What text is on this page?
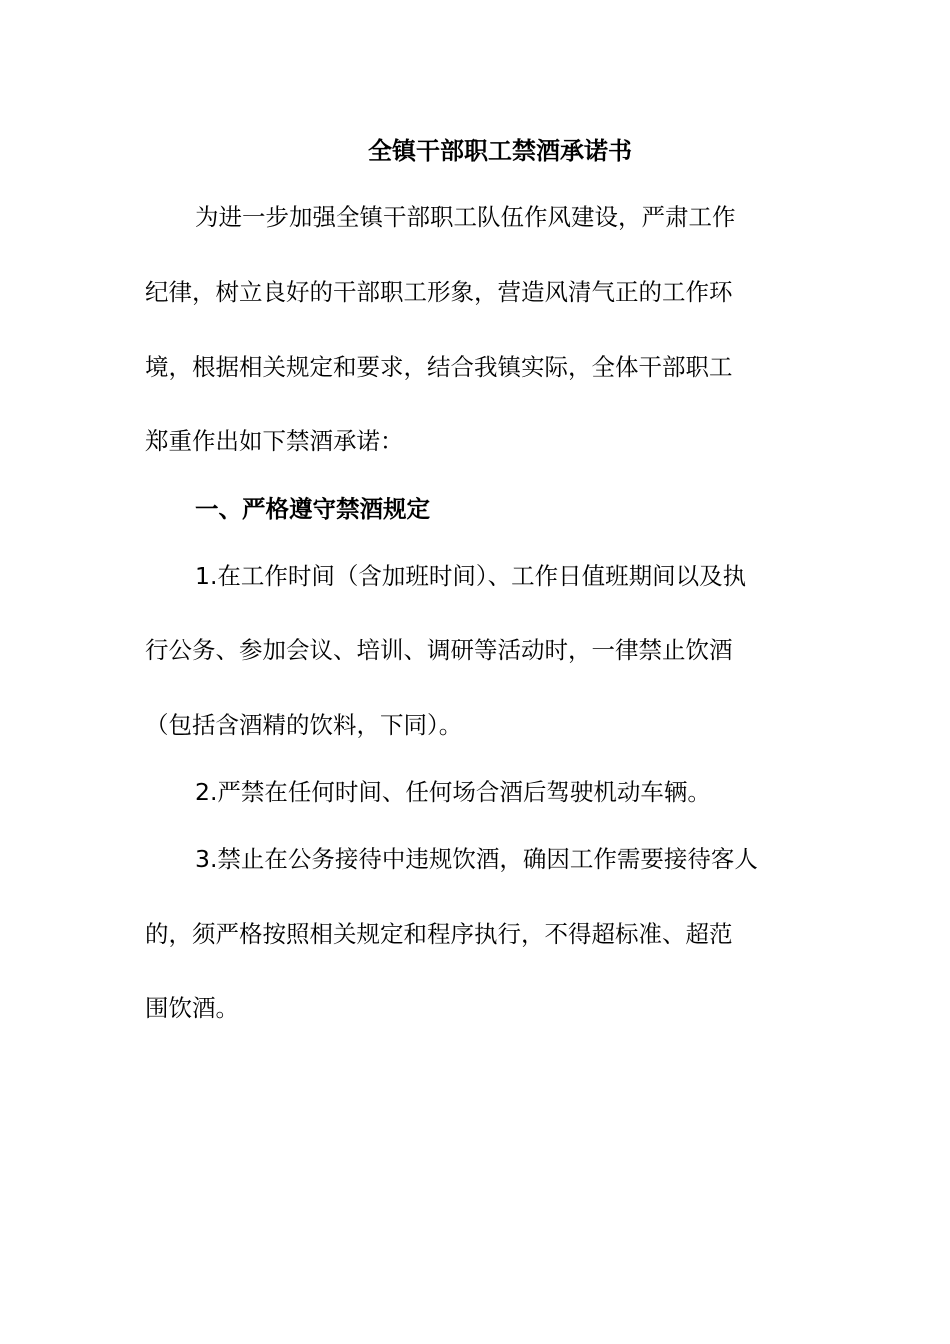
全镇干部职工禁酒承诺书

为进一步加强全镇干部职工队伍作风建设，严肃工作

纪律，树立良好的干部职工形象，营造风清气正的工作环

境，根据相关规定和要求，结合我镇实际，全体干部职工

郑重作出如下禁酒承诺：

一、严格遵守禁酒规定

1.在工作时间（含加班时间）、工作日值班期间以及执

行公务、参加会议、培训、调研等活动时，一律禁止饮酒

（包括含酒精的饮料，下同）。

2.严禁在任何时间、任何场合酒后驾驶机动车辆。

3.禁止在公务接待中违规饮酒，确因工作需要接待客人

的，须严格按照相关规定和程序执行，不得超标准、超范

围饮酒。
